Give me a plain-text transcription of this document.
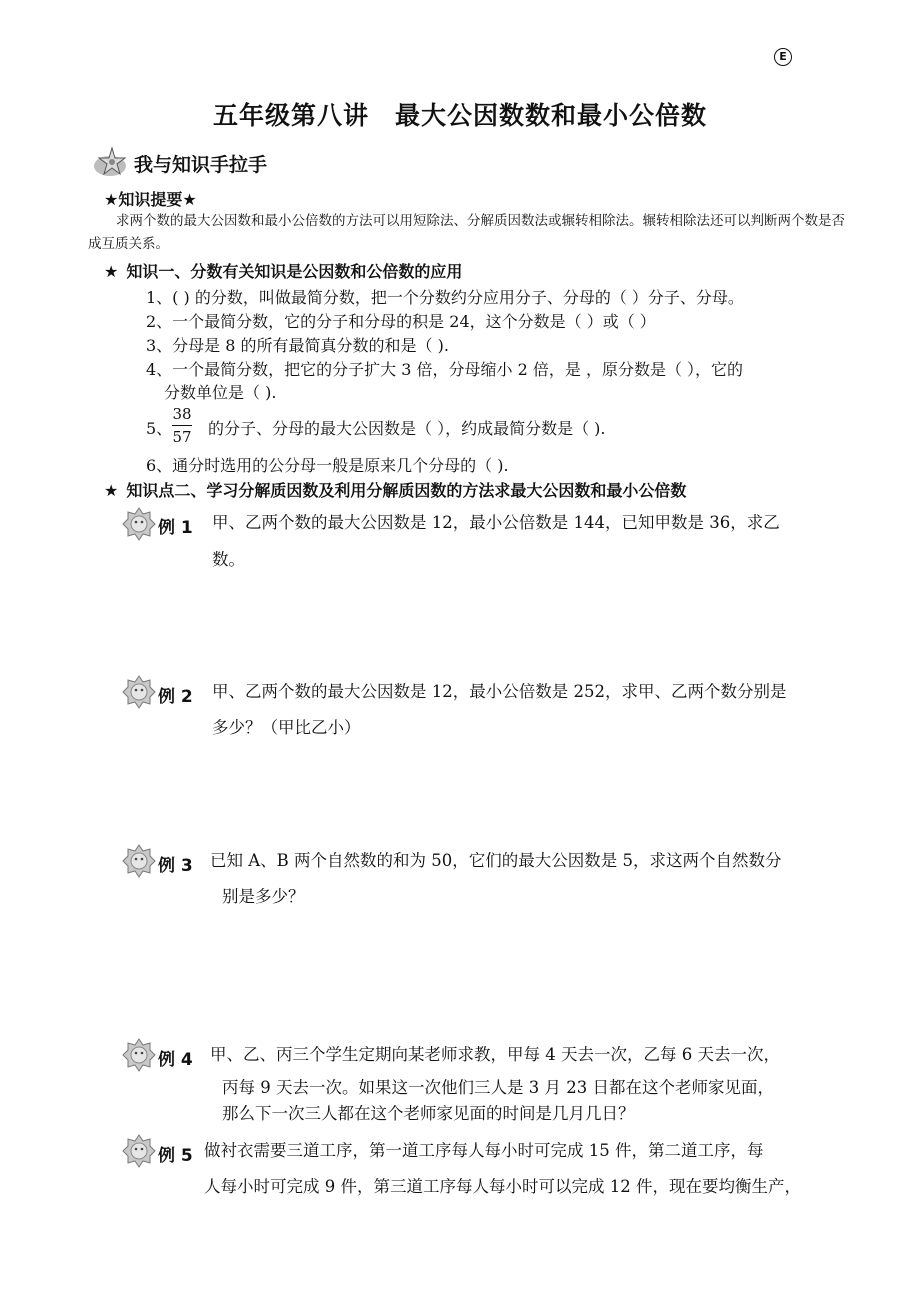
E
五年级第八讲　最大公因数数和最小公倍数
我与知识手拉手
★知识提要★
求两个数的最大公因数和最小公倍数的方法可以用短除法、分解质因数法或辗转相除法。辗转相除法还可以判断两个数是否成互质关系。
★ 知识一、分数有关知识是公因数和公倍数的应用
1、( ) 的分数，叫做最简分数，把一个分数约分应用分子、分母的（ ）分子、分母。
2、一个最简分数，它的分子和分母的积是 24，这个分数是（ ）或（ ）
3、分母是 8 的所有最简真分数的和是（ ).
4、一个最简分数，把它的分子扩大 3 倍，分母缩小 2 倍，是 ，原分数是（ ），它的
分数单位是（ ).
5、
38
57 的分子、分母的最大公因数是（ ），约成最简分数是（ ).
6、通分时选用的公分母一般是原来几个分母的（ ).
★ 知识点二、学习分解质因数及利用分解质因数的方法求最大公因数和最小公倍数
例 1 甲、乙两个数的最大公因数是 12，最小公倍数是 144，已知甲数是 36，求乙
数。
例 2 甲、乙两个数的最大公因数是 12，最小公倍数是 252，求甲、乙两个数分别是
多少？（甲比乙小）
例 3 已知 A、B 两个自然数的和为 50，它们的最大公因数是 5，求这两个自然数分
别是多少？
例 4 甲、乙、丙三个学生定期向某老师求教，甲每 4 天去一次，乙每 6 天去一次，
丙每 9 天去一次。如果这一次他们三人是 3 月 23 日都在这个老师家见面，
那么下一次三人都在这个老师家见面的时间是几月几日？
例 5 做衬衣需要三道工序，第一道工序每人每小时可完成 15 件，第二道工序，每
人每小时可完成 9 件，第三道工序每人每小时可以完成 12 件，现在要均衡生产，
